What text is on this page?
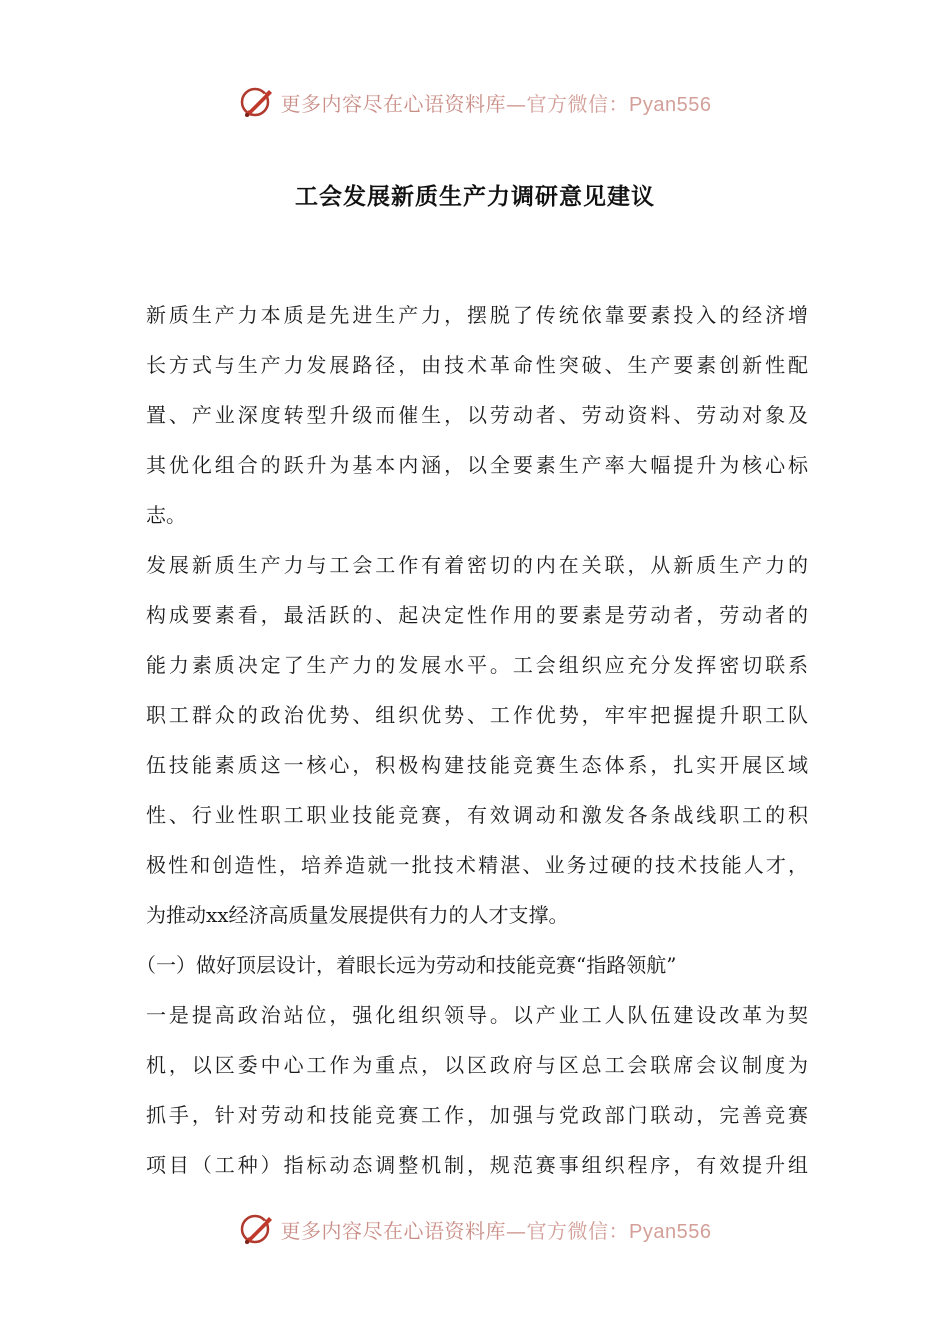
更多内容尽在心语资料库—官方微信：Pyan556
工会发展新质生产力调研意见建议
新质生产力本质是先进生产力，摆脱了传统依靠要素投入的经济增
长方式与生产力发展路径，由技术革命性突破、生产要素创新性配
置、产业深度转型升级而催生，以劳动者、劳动资料、劳动对象及
其优化组合的跃升为基本内涵，以全要素生产率大幅提升为核心标
志。
发展新质生产力与工会工作有着密切的内在关联，从新质生产力的
构成要素看，最活跃的、起决定性作用的要素是劳动者，劳动者的
能力素质决定了生产力的发展水平。工会组织应充分发挥密切联系
职工群众的政治优势、组织优势、工作优势，牢牢把握提升职工队
伍技能素质这一核心，积极构建技能竞赛生态体系，扎实开展区域
性、行业性职工职业技能竞赛，有效调动和激发各条战线职工的积
极性和创造性，培养造就一批技术精湛、业务过硬的技术技能人才，
为推动xx经济高质量发展提供有力的人才支撑。
（一）做好顶层设计，着眼长远为劳动和技能竞赛“指路领航”
一是提高政治站位，强化组织领导。以产业工人队伍建设改革为契
机，以区委中心工作为重点，以区政府与区总工会联席会议制度为
抓手，针对劳动和技能竞赛工作，加强与党政部门联动，完善竞赛
项目（工种）指标动态调整机制，规范赛事组织程序，有效提升组
更多内容尽在心语资料库—官方微信：Pyan556
